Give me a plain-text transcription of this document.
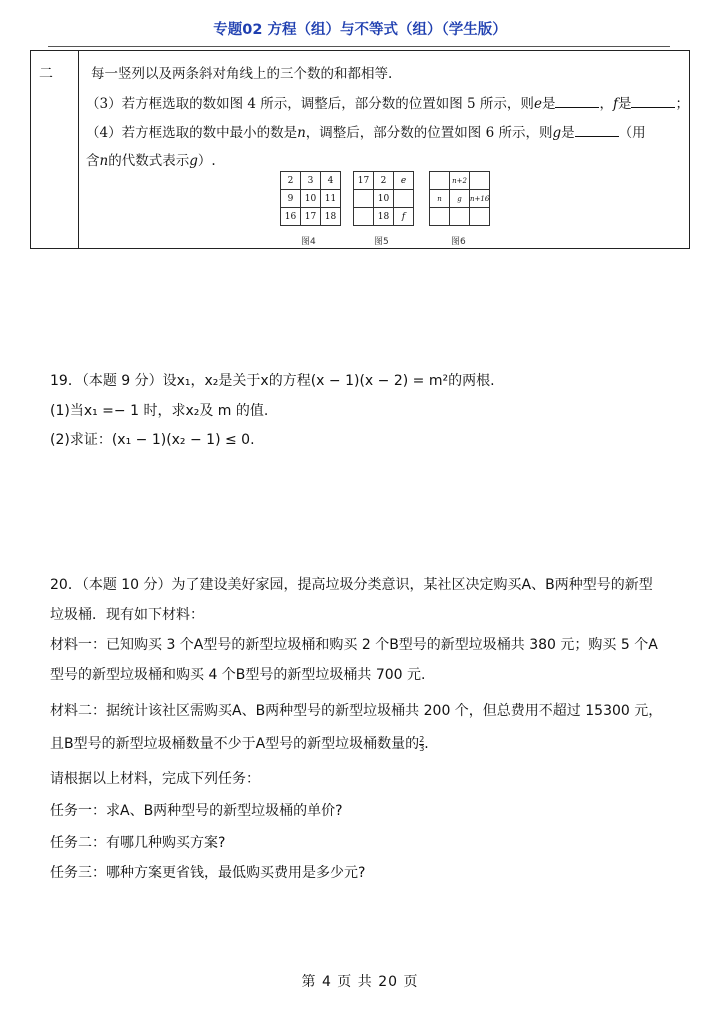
专题02 方程（组）与不等式（组）（学生版）
二	每一竖列以及两条斜对角线上的三个数的和都相等.
（3）若方框选取的数如图 4 所示，调整后，部分数的位置如图 5 所示，则e是	，f是	；
（4）若方框选取的数中最小的数是n，调整后，部分数的位置如图 6 所示，则g是	（用
含n的代数式表示g）.
2	3	4
9	10	11
16	17	18
图4
17	2	e
	10	
	18	f
图5
	n+2	
n	g	n+16

图6
19．（本题 9 分）设x₁，x₂是关于x的方程(x − 1)(x − 2) = m²的两根.
(1)当x₁ =− 1 时，求x₂及 m 的值.
(2)求证：(x₁ − 1)(x₂ − 1) ≤ 0.
20．（本题 10 分）为了建设美好家园，提高垃圾分类意识，某社区决定购买A、B两种型号的新型
垃圾桶．现有如下材料：
材料一：已知购买 3 个A型号的新型垃圾桶和购买 2 个B型号的新型垃圾桶共 380 元；购买 5 个A
型号的新型垃圾桶和购买 4 个B型号的新型垃圾桶共 700 元.
材料二：据统计该社区需购买A、B两种型号的新型垃圾桶共 200 个，但总费用不超过 15300 元，
且B型号的新型垃圾桶数量不少于A型号的新型垃圾桶数量的 $\frac{2}{3}$ .
请根据以上材料，完成下列任务：
任务一：求A、B两种型号的新型垃圾桶的单价?
任务二：有哪几种购买方案?
任务三：哪种方案更省钱，最低购买费用是多少元?
第 4 页 共 20 页
